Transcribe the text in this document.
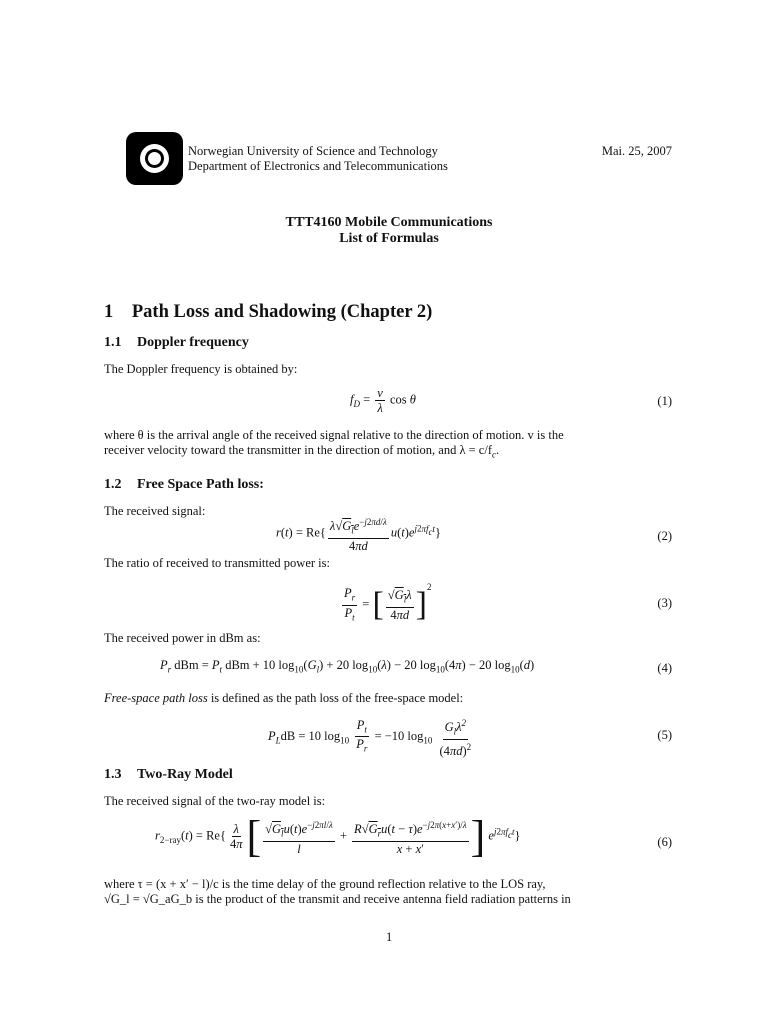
Norwegian University of Science and Technology
Department of Electronics and Telecommunications
Mai. 25, 2007
TTT4160 Mobile Communications
List of Formulas
1 Path Loss and Shadowing (Chapter 2)
1.1 Doppler frequency
The Doppler frequency is obtained by:
$f_D = \frac{v}{\lambda}$ cos θ	(1)
where θ is the arrival angle of the received signal relative to the direction of motion. v is the
receiver velocity toward the transmitter in the direction of motion, and $\lambda = c/f_c$.
1.2 Free Space Path loss:
The received signal:
$r(t) = Re\{ \frac{\lambda√G_le^{-j2\pi d/\lambda}}{4\pi d} u(t)e^{j2\pi f_ct}\}$	(2)
The ratio of received to transmitted power is:
$\frac{P_r}{P_t}$ = [ $\frac{√G_l\lambda}{4\pi d} ]^2$
(3)
The received power in dBm as:
$P_r$ dBm = $P_t$ dBm + 10 $\log_{10}(G_l) + 20$ $\log_{10}(\lambda) - 20$ $\log_{10}(4\pi) - 20$ $\log_{10}(d)$	(4)
Free-space path loss is defined as the path loss of the free-space model:
$P_LdB = 10$ $\log_{10} \frac{P_t}{P_r} = -10$ $\log_{10} \frac{G_l\lambda^2}{(4\pi d)^2}$	(5)
1.3 Two-Ray Model
The received signal of the two-ray model is:
$r_{2-ray}(t) = Re\{ \frac{\lambda}{4\pi}$ [ $\frac{√G_lu(t)e^{-j2\pi l/\lambda}}{l} + \frac{R√G_ru(t - \tau)e^{-j2\pi(x+x')/\lambda}}{x + x'}$ ] $e^{j2\pi f_ct}$}	(6)
where τ = (x + x′ − l)/c is the time delay of the ground reflection relative to the LOS ray,
√G_l = √G_aG_b is the product of the transmit and receive antenna field radiation patterns in
1
